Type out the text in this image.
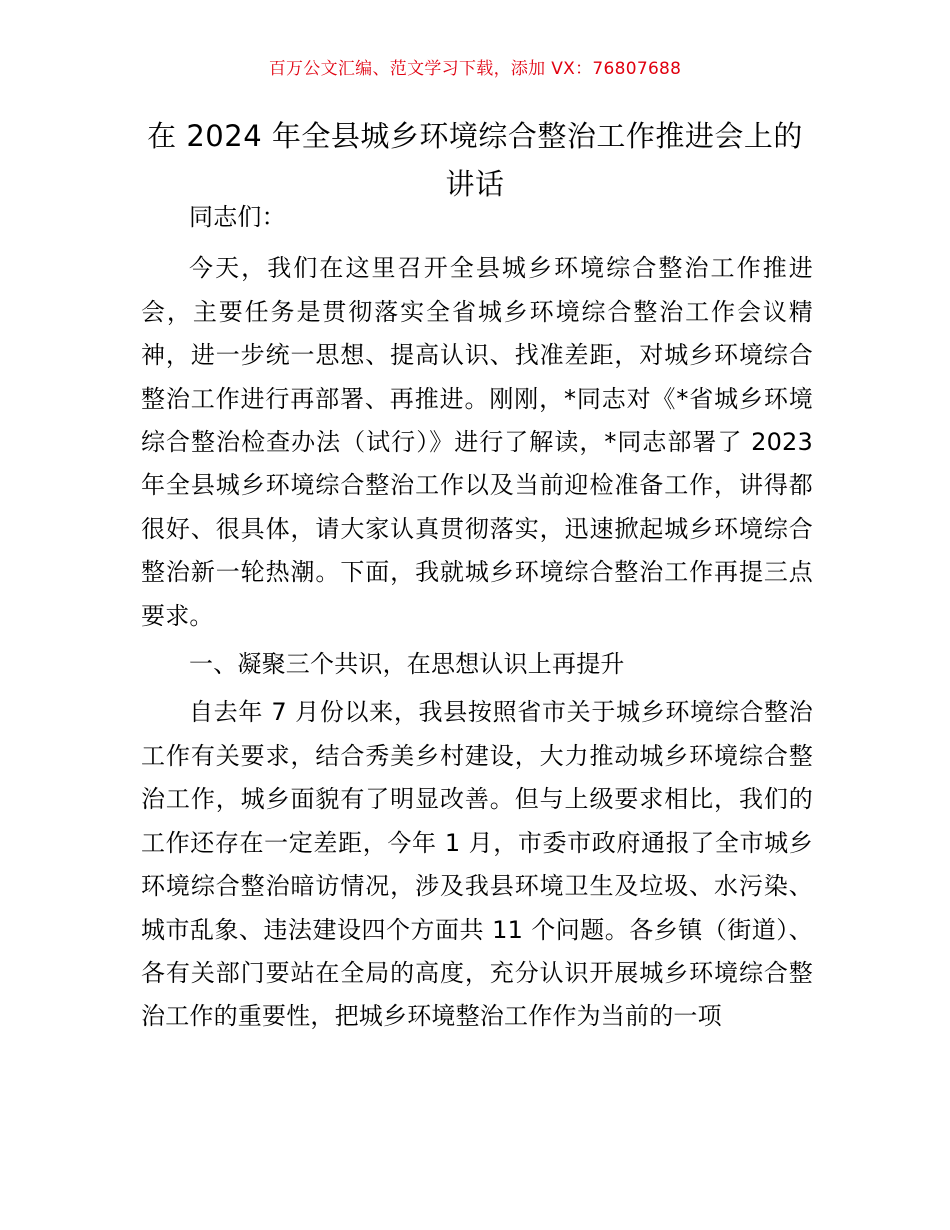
百万公文汇编、范文学习下载，添加 VX：76807688
在 2024 年全县城乡环境综合整治工作推进会上的讲话

同志们：

今天，我们在这里召开全县城乡环境综合整治工作推进会，主要任务是贯彻落实全省城乡环境综合整治工作会议精神，进一步统一思想、提高认识、找准差距，对城乡环境综合整治工作进行再部署、再推进。刚刚，*同志对《*省城乡环境综合整治检查办法（试行）》进行了解读，*同志部署了 2023 年全县城乡环境综合整治工作以及当前迎检准备工作，讲得都很好、很具体，请大家认真贯彻落实，迅速掀起城乡环境综合整治新一轮热潮。下面，我就城乡环境综合整治工作再提三点要求。

一、凝聚三个共识，在思想认识上再提升

自去年 7 月份以来，我县按照省市关于城乡环境综合整治工作有关要求，结合秀美乡村建设，大力推动城乡环境综合整治工作，城乡面貌有了明显改善。但与上级要求相比，我们的工作还存在一定差距，今年 1 月，市委市政府通报了全市城乡环境综合整治暗访情况，涉及我县环境卫生及垃圾、水污染、城市乱象、违法建设四个方面共 11 个问题。各乡镇（街道）、各有关部门要站在全局的高度，充分认识开展城乡环境综合整治工作的重要性，把城乡环境整治工作作为当前的一项
